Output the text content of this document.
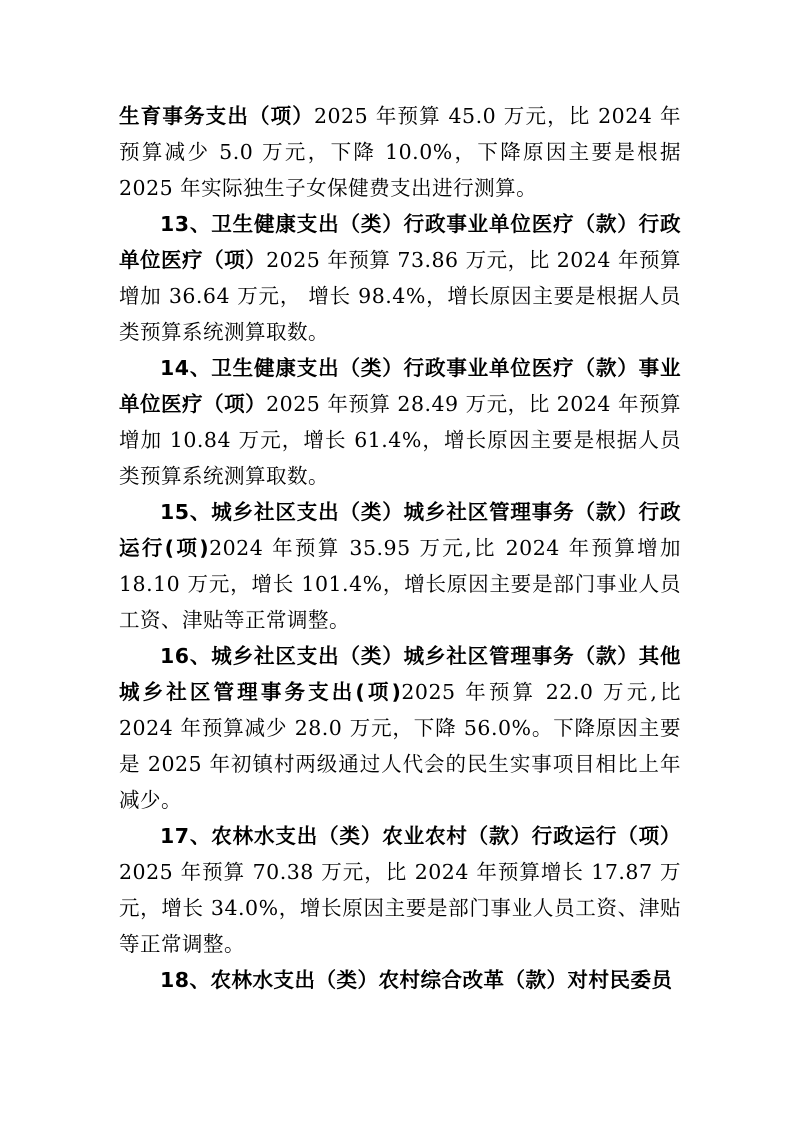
生育事务支出（项）2025 年预算 45.0 万元，比 2024 年预算减少 5.0 万元，下降 10.0%，下降原因主要是根据 2025 年实际独生子女保健费支出进行测算。

13、卫生健康支出（类）行政事业单位医疗（款）行政单位医疗（项）2025 年预算 73.86 万元，比 2024 年预算增加 36.64 万元， 增长 98.4%，增长原因主要是根据人员类预算系统测算取数。

14、卫生健康支出（类）行政事业单位医疗（款）事业单位医疗（项）2025 年预算 28.49 万元，比 2024 年预算增加 10.84 万元，增长 61.4%，增长原因主要是根据人员类预算系统测算取数。

15、城乡社区支出（类）城乡社区管理事务（款）行政运行(项)2024 年预算 35.95 万元,比 2024 年预算增加 18.10 万元，增长 101.4%，增长原因主要是部门事业人员工资、津贴等正常调整。

16、城乡社区支出（类）城乡社区管理事务（款）其他城乡社区管理事务支出(项)2025 年预算 22.0 万元,比 2024 年预算减少 28.0 万元，下降 56.0%。下降原因主要是 2025 年初镇村两级通过人代会的民生实事项目相比上年减少。

17、农林水支出（类）农业农村（款）行政运行（项）2025 年预算 70.38 万元，比 2024 年预算增长 17.87 万元，增长 34.0%，增长原因主要是部门事业人员工资、津贴等正常调整。

18、农林水支出（类）农村综合改革（款）对村民委员
